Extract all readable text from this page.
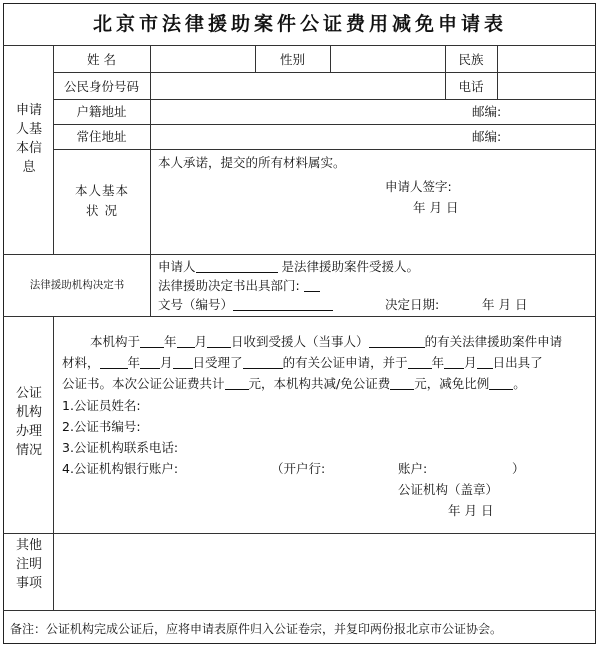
北京市法律援助案件公证费用减免申请表
申请人基本信息
姓 名	性别	民族
公民身份号码	电话
户籍地址	邮编:
常住地址	邮编:
本人基本状 况
本人承诺，提交的所有材料属实。
申请人签字:
年 月 日
法律援助机构决定书
申请人	是法律援助案件受援人。
法律援助决定书出具部门:
文号（编号）	决定日期:	年 月 日
公证机构办理情况
本机构于 年 月 日收到受援人（当事人）	的有关法律援助案件申请
材料， 年 月 日受理了	的有关公证申请，并于 年 月 日出具了
公证书。本次公证公证费共计 元，本机构共减/免公证费 元，减免比例 。
1.公证员姓名:
2.公证书编号:
3.公证机构联系电话:
4.公证机构银行账户:	（开户行:	账户:	）
公证机构（盖章）
年 月 日
其他注明事项
备注：公证机构完成公证后，应将申请表原件归入公证卷宗，并复印两份报北京市公证协会。
